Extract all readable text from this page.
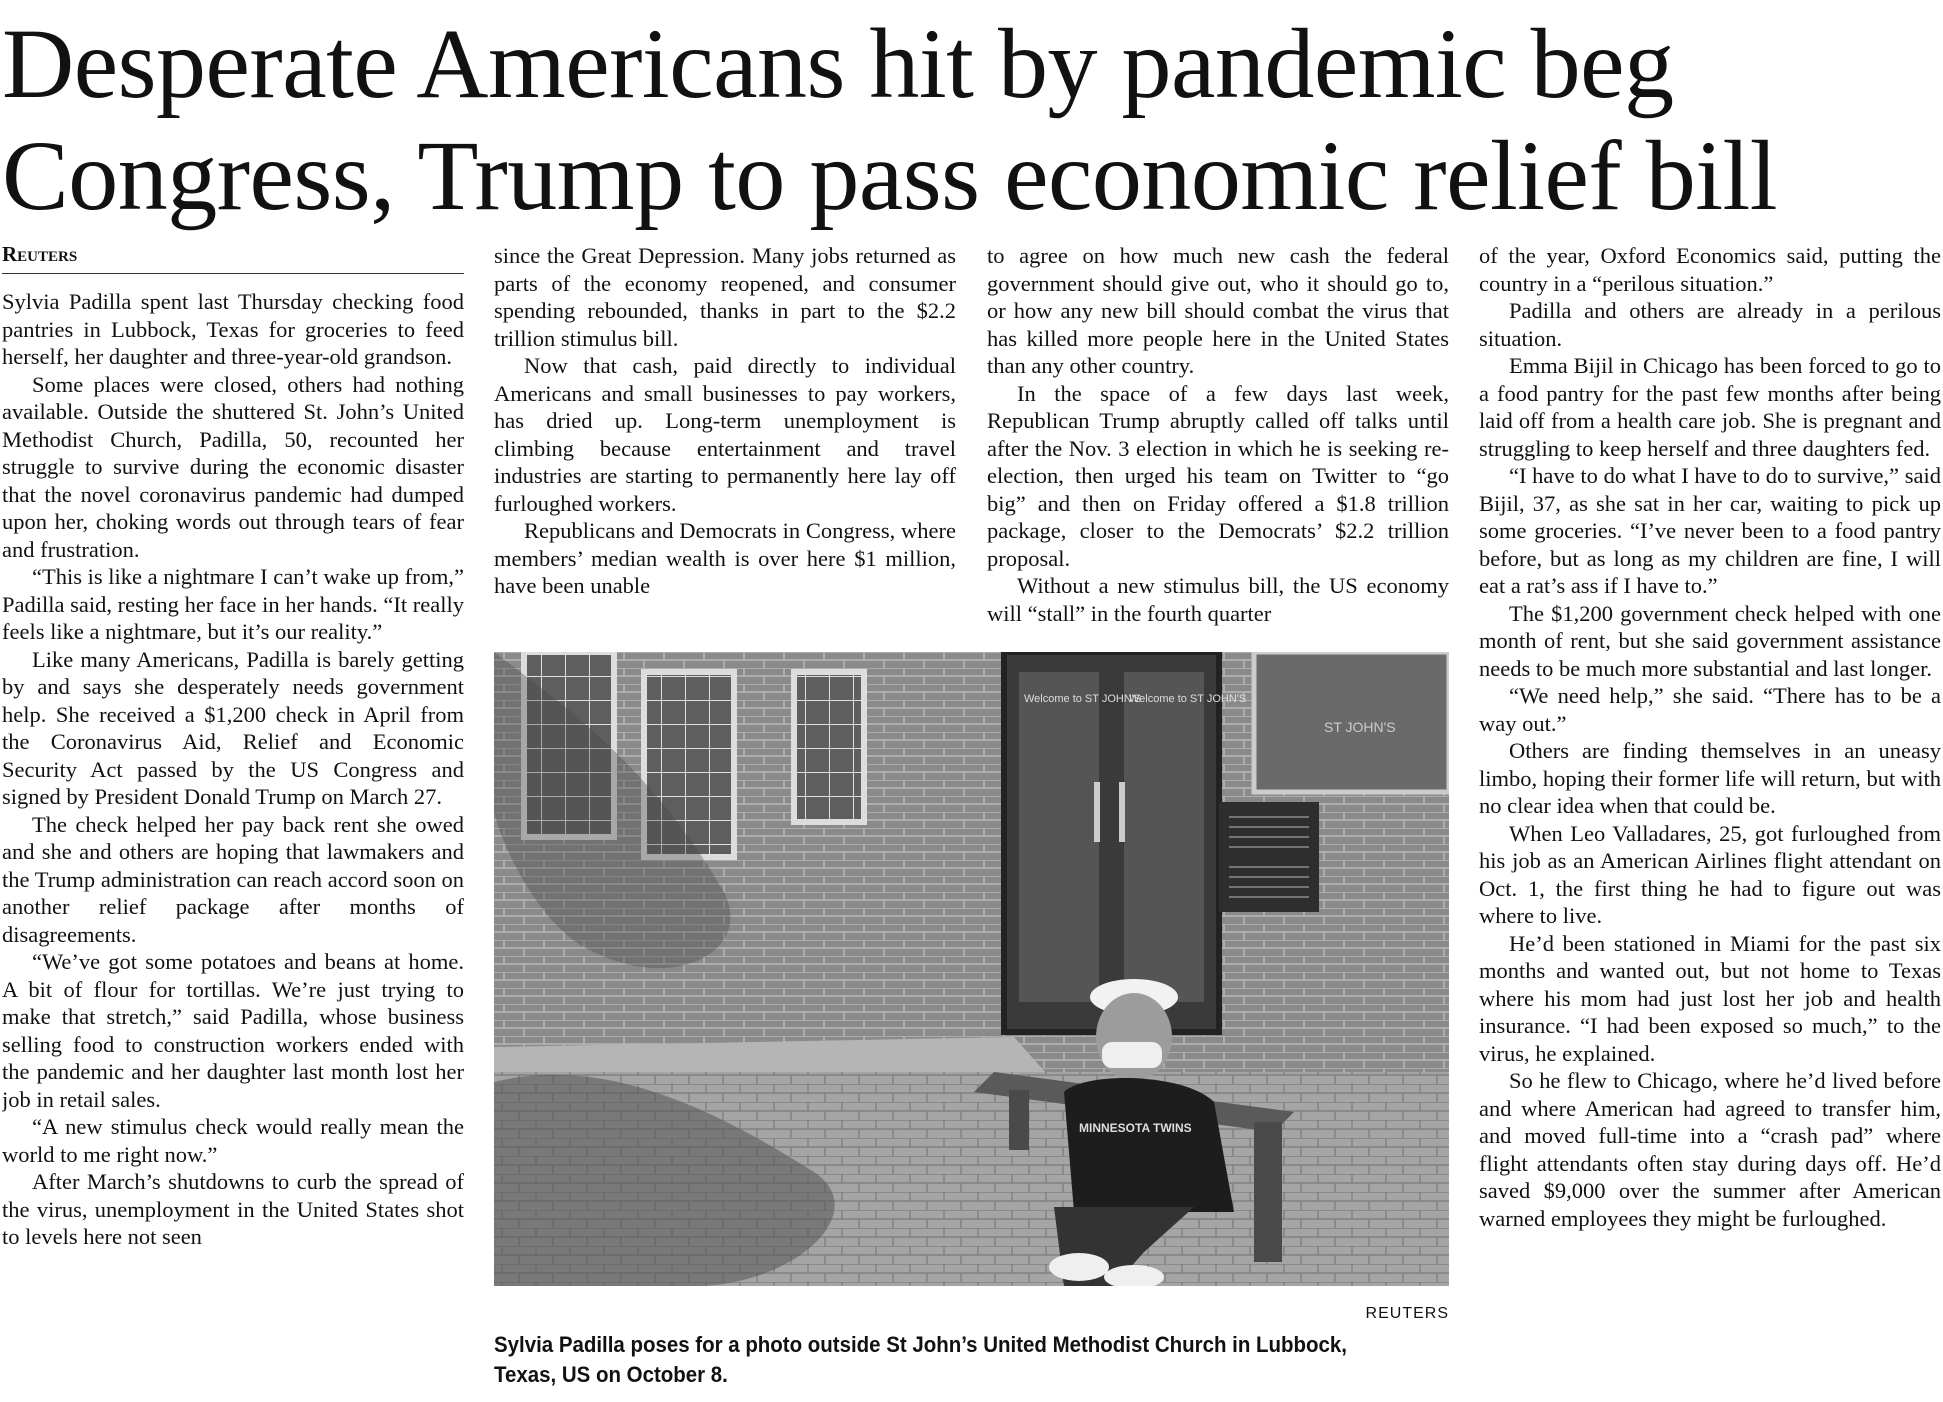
Desperate Americans hit by pandemic beg
Congress, Trump to pass economic relief bill
Reuters

Sylvia Padilla spent last Thursday checking food pantries in Lubbock, Texas for groceries to feed herself, her daughter and three-year-old grandson.

Some places were closed, others had nothing available. Outside the shuttered St. John’s United Methodist Church, Padilla, 50, recounted her struggle to survive during the economic disaster that the novel coronavirus pandemic had dumped upon her, choking words out through tears of fear and frustration.

“This is like a nightmare I can’t wake up from,” Padilla said, resting her face in her hands. “It really feels like a nightmare, but it’s our reality.”

Like many Americans, Padilla is barely getting by and says she desperately needs government help. She received a $1,200 check in April from the Coronavirus Aid, Relief and Economic Security Act passed by the US Congress and signed by President Donald Trump on March 27.

The check helped her pay back rent she owed and she and others are hoping that lawmakers and the Trump administration can reach accord soon on another relief package after months of disagreements.

“We’ve got some potatoes and beans at home. A bit of flour for tortillas. We’re just trying to make that stretch,” said Padilla, whose business selling food to construction workers ended with the pandemic and her daughter last month lost her job in retail sales.

“A new stimulus check would really mean the world to me right now.”

After March’s shutdowns to curb the spread of the virus, unemployment in the United States shot to levels here not seen

since the Great Depression. Many jobs returned as parts of the economy reopened, and consumer spending rebounded, thanks in part to the $2.2 trillion stimulus bill.

Now that cash, paid directly to individual Americans and small businesses to pay workers, has dried up. Long-term unemployment is climbing because entertainment and travel industries are starting to permanently here lay off furloughed workers.

Republicans and Democrats in Congress, where members’ median wealth is over here $1 million, have been unable

to agree on how much new cash the federal government should give out, who it should go to, or how any new bill should combat the virus that has killed more people here in the United States than any other country.

In the space of a few days last week, Republican Trump abruptly called off talks until after the Nov. 3 election in which he is seeking re-election, then urged his team on Twitter to “go big” and then on Friday offered a $1.8 trillion package, closer to the Democrats’ $2.2 trillion proposal.

Without a new stimulus bill, the US economy will “stall” in the fourth quarter

of the year, Oxford Economics said, putting the country in a “perilous situation.”

Padilla and others are already in a perilous situation.

Emma Bijil in Chicago has been forced to go to a food pantry for the past few months after being laid off from a health care job. She is pregnant and struggling to keep herself and three daughters fed.

“I have to do what I have to do to survive,” said Bijil, 37, as she sat in her car, waiting to pick up some groceries. “I’ve never been to a food pantry before, but as long as my children are fine, I will eat a rat’s ass if I have to.”

The $1,200 government check helped with one month of rent, but she said government assistance needs to be much more substantial and last longer.

“We need help,” she said. “There has to be a way out.”

Others are finding themselves in an uneasy limbo, hoping their former life will return, but with no clear idea when that could be.

When Leo Valladares, 25, got furloughed from his job as an American Airlines flight attendant on Oct. 1, the first thing he had to figure out was where to live.

He’d been stationed in Miami for the past six months and wanted out, but not home to Texas where his mom had just lost her job and health insurance. “I had been exposed so much,” to the virus, he explained.

So he flew to Chicago, where he’d lived before and where American had agreed to transfer him, and moved full-time into a “crash pad” where flight attendants often stay during days off. He’d saved $9,000 over the summer after American warned employees they might be furloughed.

Welcome to ST JOHN'S
Welcome to ST JOHN'S
ST JOHN'S
MINNESOTA TWINS
REUTERS
Sylvia Padilla poses for a photo outside St John’s United Methodist Church in Lubbock, Texas, US on October 8.
